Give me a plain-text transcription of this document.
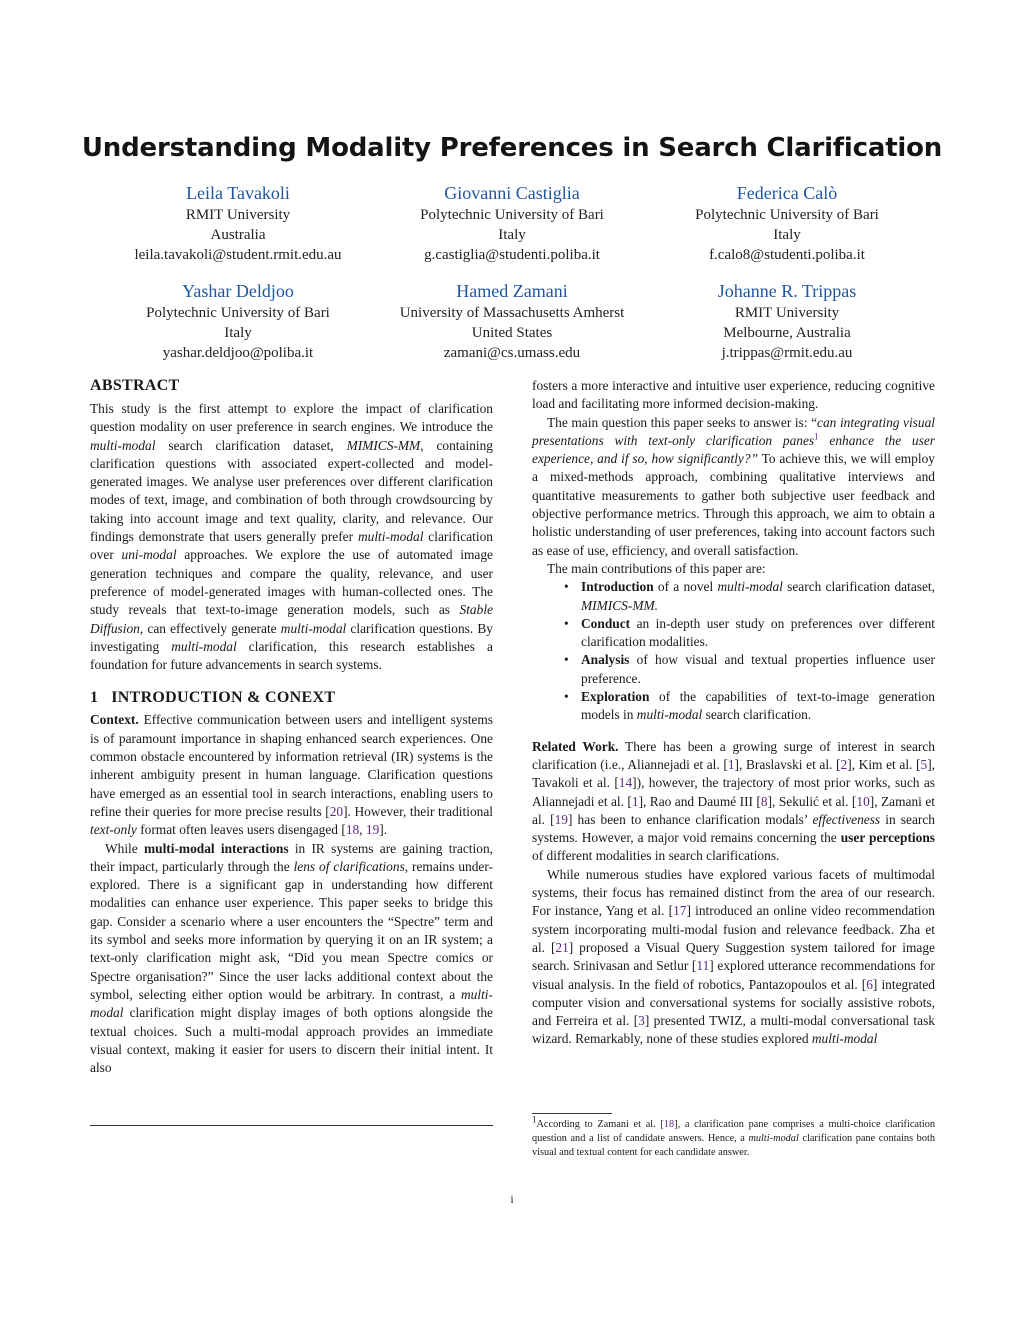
Understanding Modality Preferences in Search Clarification
Leila Tavakoli
RMIT University
Australia
leila.tavakoli@student.rmit.edu.au
Giovanni Castiglia
Polytechnic University of Bari
Italy
g.castiglia@studenti.poliba.it
Federica Calò
Polytechnic University of Bari
Italy
f.calo8@studenti.poliba.it
Yashar Deldjoo
Polytechnic University of Bari
Italy
yashar.deldjoo@poliba.it
Hamed Zamani
University of Massachusetts Amherst
United States
zamani@cs.umass.edu
Johanne R. Trippas
RMIT University
Melbourne, Australia
j.trippas@rmit.edu.au
ABSTRACT

This study is the first attempt to explore the impact of clarification question modality on user preference in search engines. We introduce the multi-modal search clarification dataset, MIMICS-MM, containing clarification questions with associated expert-collected and model-generated images. We analyse user preferences over different clarification modes of text, image, and combination of both through crowdsourcing by taking into account image and text quality, clarity, and relevance. Our findings demonstrate that users generally prefer multi-modal clarification over uni-modal approaches. We explore the use of automated image generation techniques and compare the quality, relevance, and user preference of model-generated images with human-collected ones. The study reveals that text-to-image generation models, such as Stable Diffusion, can effectively generate multi-modal clarification questions. By investigating multi-modal clarification, this research establishes a foundation for future advancements in search systems.

1 INTRODUCTION & CONEXT

Context. Effective communication between users and intelligent systems is of paramount importance in shaping enhanced search experiences. One common obstacle encountered by information retrieval (IR) systems is the inherent ambiguity present in human language. Clarification questions have emerged as an essential tool in search interactions, enabling users to refine their queries for more precise results [20]. However, their traditional text-only format often leaves users disengaged [18, 19].

While multi-modal interactions in IR systems are gaining traction, their impact, particularly through the lens of clarifications, remains under-explored. There is a significant gap in understanding how different modalities can enhance user experience. This paper seeks to bridge this gap. Consider a scenario where a user encounters the “Spectre” term and its symbol and seeks more information by querying it on an IR system; a text-only clarification might ask, “Did you mean Spectre comics or Spectre organisation?” Since the user lacks additional context about the symbol, selecting either option would be arbitrary. In contrast, a multi-modal clarification might display images of both options alongside the textual choices. Such a multi-modal approach provides an immediate visual context, making it easier for users to discern their initial intent. It also

fosters a more interactive and intuitive user experience, reducing cognitive load and facilitating more informed decision-making.

The main question this paper seeks to answer is: “can integrating visual presentations with text-only clarification panes$^1$ enhance the user experience, and if so, how significantly?” To achieve this, we will employ a mixed-methods approach, combining qualitative interviews and quantitative measurements to gather both subjective user feedback and objective performance metrics. Through this approach, we aim to obtain a holistic understanding of user preferences, taking into account factors such as ease of use, efficiency, and overall satisfaction.

The main contributions of this paper are:

• Introduction of a novel multi-modal search clarification dataset, MIMICS-MM.
• Conduct an in-depth user study on preferences over different clarification modalities.
• Analysis of how visual and textual properties influence user preference.
• Exploration of the capabilities of text-to-image generation models in multi-modal search clarification.

Related Work. There has been a growing surge of interest in search clarification (i.e., Aliannejadi et al. [1], Braslavski et al. [2], Kim et al. [5], Tavakoli et al. [14]), however, the trajectory of most prior works, such as Aliannejadi et al. [1], Rao and Daumé III [8], Sekulić et al. [10], Zamani et al. [19] has been to enhance clarification modals’ effectiveness in search systems. However, a major void remains concerning the user perceptions of different modalities in search clarifications.

While numerous studies have explored various facets of multimodal systems, their focus has remained distinct from the area of our research. For instance, Yang et al. [17] introduced an online video recommendation system incorporating multi-modal fusion and relevance feedback. Zha et al. [21] proposed a Visual Query Suggestion system tailored for image search. Srinivasan and Setlur [11] explored utterance recommendations for visual analysis. In the field of robotics, Pantazopoulos et al. [6] integrated computer vision and conversational systems for socially assistive robots, and Ferreira et al. [3] presented TWIZ, a multi-modal conversational task wizard. Remarkably, none of these studies explored multi-modal

$^1$According to Zamani et al. [18], a clarification pane comprises a multi-choice clarification question and a list of candidate answers. Hence, a multi-modal clarification pane contains both visual and textual content for each candidate answer.
i
